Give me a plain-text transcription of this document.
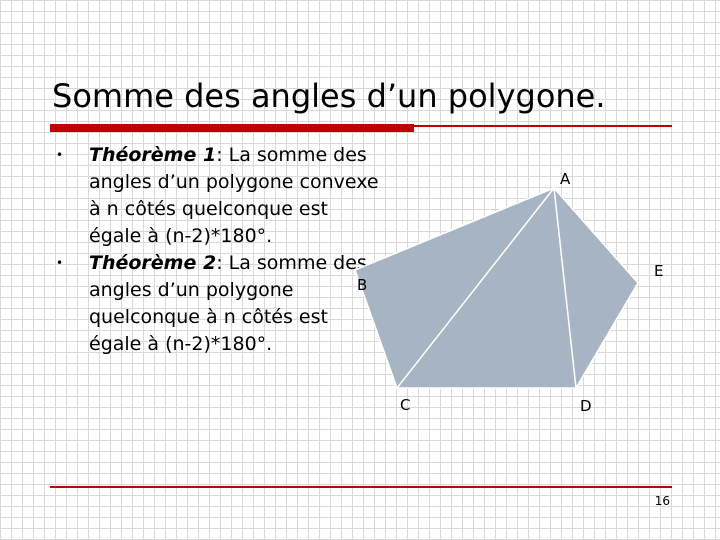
Somme des angles d’un polygone.
• Théorème 1: La somme des angles d’un polygone convexe à n côtés quelconque est égale à (n-2)*180°.
• Théorème 2: La somme des angles d’un polygone quelconque à n côtés est égale à (n-2)*180°.
A
B
C	D
E
16
